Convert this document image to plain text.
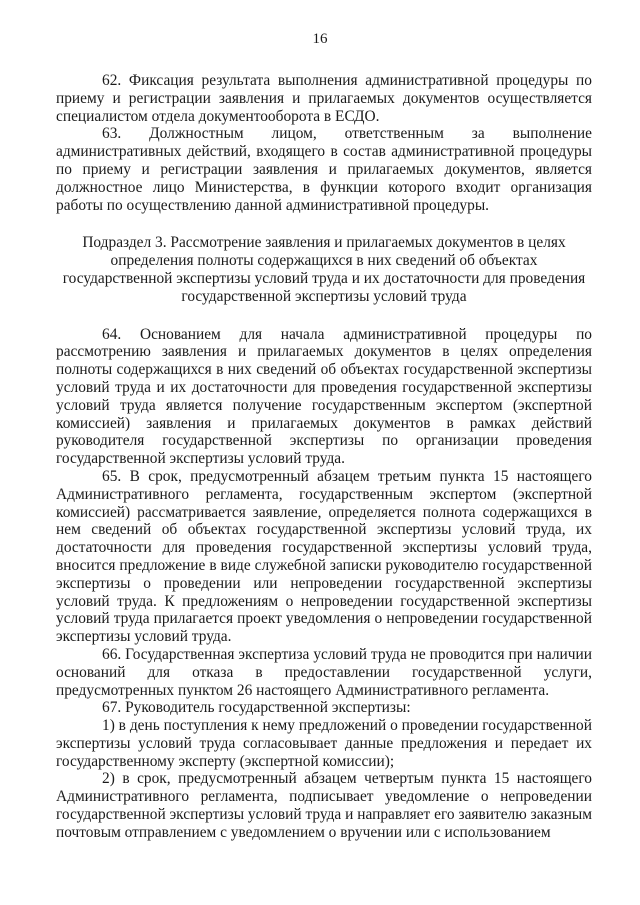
16

62. Фиксация результата выполнения административной процедуры по приему и регистрации заявления и прилагаемых документов осуществляется специалистом отдела документооборота в ЕСДО.

63. Должностным лицом, ответственным за выполнение административных действий, входящего в состав административной процедуры по приему и регистрации заявления и прилагаемых документов, является должностное лицо Министерства, в функции которого входит организация работы по осуществлению данной административной процедуры.

Подраздел 3. Рассмотрение заявления и прилагаемых документов в целях определения полноты содержащихся в них сведений об объектах государственной экспертизы условий труда и их достаточности для проведения государственной экспертизы условий труда

64. Основанием для начала административной процедуры по рассмотрению заявления и прилагаемых документов в целях определения полноты содержащихся в них сведений об объектах государственной экспертизы условий труда и их достаточности для проведения государственной экспертизы условий труда является получение государственным экспертом (экспертной комиссией) заявления и прилагаемых документов в рамках действий руководителя государственной экспертизы по организации проведения государственной экспертизы условий труда.

65. В срок, предусмотренный абзацем третьим пункта 15 настоящего Административного регламента, государственным экспертом (экспертной комиссией) рассматривается заявление, определяется полнота содержащихся в нем сведений об объектах государственной экспертизы условий труда, их достаточности для проведения государственной экспертизы условий труда, вносится предложение в виде служебной записки руководителю государственной экспертизы о проведении или непроведении государственной экспертизы условий труда. К предложениям о непроведении государственной экспертизы условий труда прилагается проект уведомления о непроведении государственной экспертизы условий труда.

66. Государственная экспертиза условий труда не проводится при наличии оснований для отказа в предоставлении государственной услуги, предусмотренных пунктом 26 настоящего Административного регламента.

67. Руководитель государственной экспертизы:

1) в день поступления к нему предложений о проведении государственной экспертизы условий труда согласовывает данные предложения и передает их государственному эксперту (экспертной комиссии);

2) в срок, предусмотренный абзацем четвертым пункта 15 настоящего Административного регламента, подписывает уведомление о непроведении государственной экспертизы условий труда и направляет его заявителю заказным почтовым отправлением с уведомлением о вручении или с использованием
